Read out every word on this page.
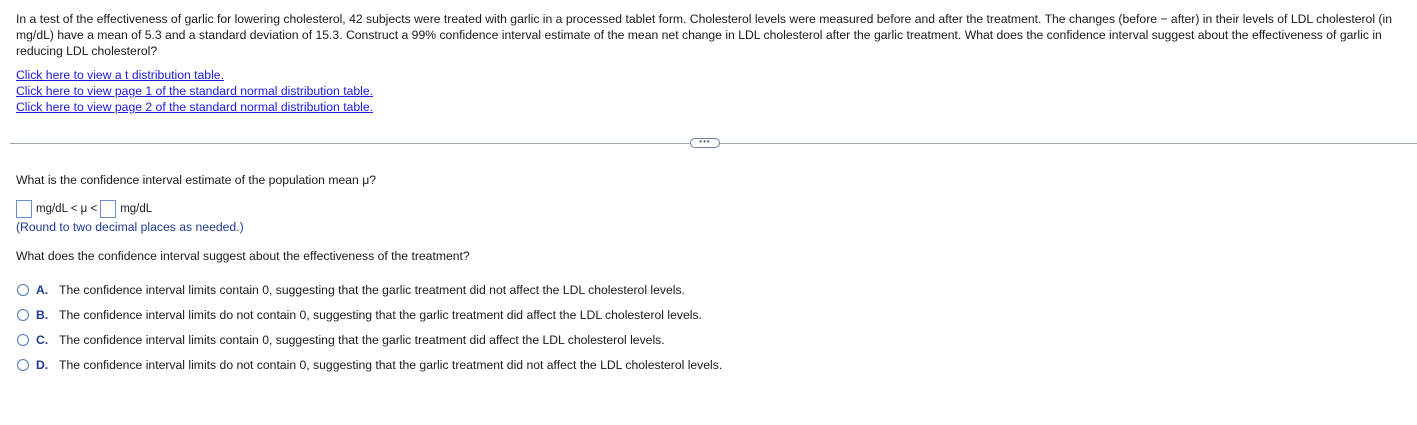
In a test of the effectiveness of garlic for lowering cholesterol, 42 subjects were treated with garlic in a processed tablet form. Cholesterol levels were measured before and after the treatment. The changes (before − after) in their levels of LDL cholesterol (in mg/dL) have a mean of 5.3 and a standard deviation of 15.3. Construct a 99% confidence interval estimate of the mean net change in LDL cholesterol after the garlic treatment. What does the confidence interval suggest about the effectiveness of garlic in reducing LDL cholesterol?

Click here to view a t distribution table.
Click here to view page 1 of the standard normal distribution table.
Click here to view page 2 of the standard normal distribution table.
•••
What is the confidence interval estimate of the population mean μ?
mg/dL < μ < mg/dL
(Round to two decimal places as needed.)
What does the confidence interval suggest about the effectiveness of the treatment?
A. The confidence interval limits contain 0, suggesting that the garlic treatment did not affect the LDL cholesterol levels.
B. The confidence interval limits do not contain 0, suggesting that the garlic treatment did affect the LDL cholesterol levels.
C. The confidence interval limits contain 0, suggesting that the garlic treatment did affect the LDL cholesterol levels.
D. The confidence interval limits do not contain 0, suggesting that the garlic treatment did not affect the LDL cholesterol levels.
